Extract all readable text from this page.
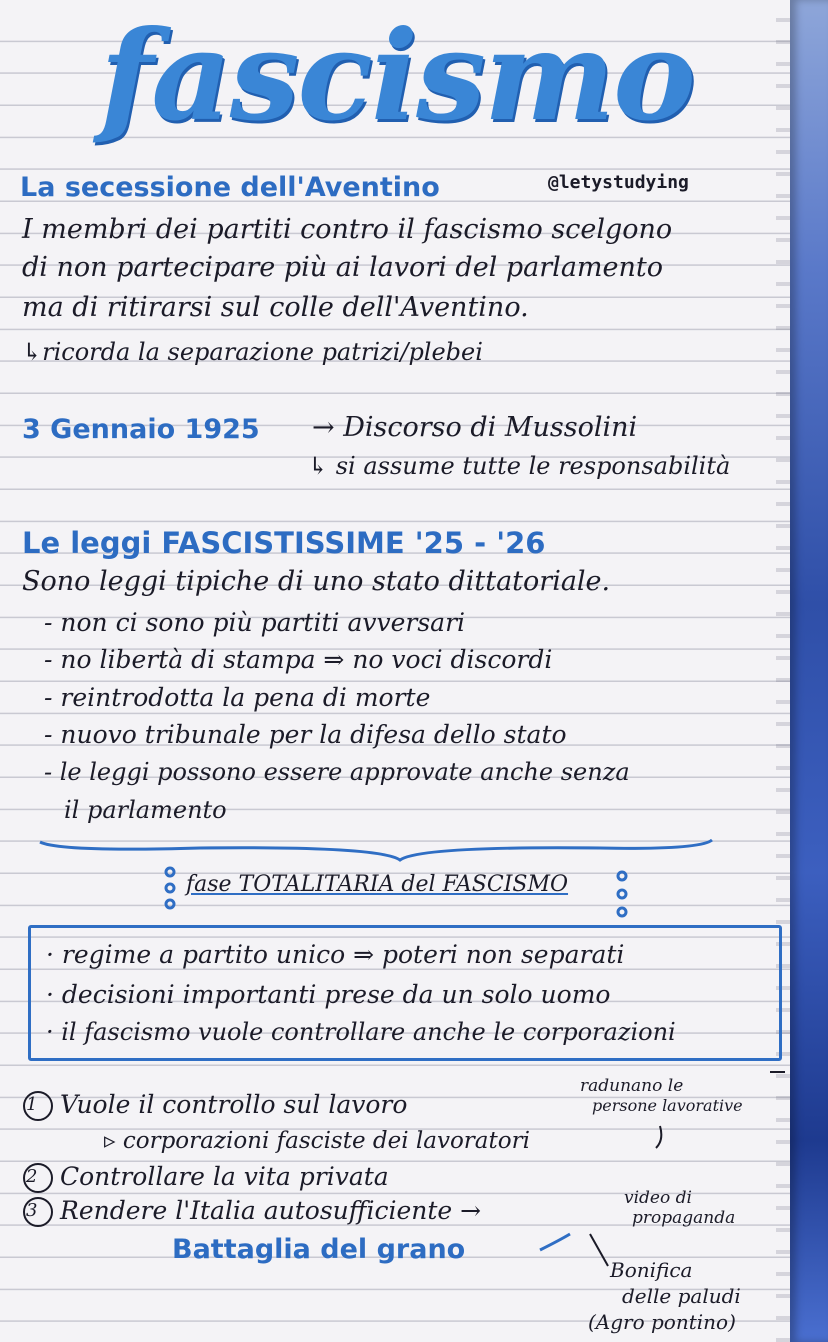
fascismo
La secessione dell'Aventino	@letystudying
I membri dei partiti contro il fascismo scelgono
di non partecipare più ai lavori del parlamento
ma di ritirarsi sul colle dell'Aventino.
↳ricorda la separazione patrizi/plebei
3 Gennaio 1925 → Discorso di Mussolini
↳ si assume tutte le responsabilità
Le leggi FASCISTISSIME '25 - '26
Sono leggi tipiche di uno stato dittatoriale.
- non ci sono più partiti avversari
- no libertà di stampa ⇒ no voci discordi
- reintrodotta la pena di morte
- nuovo tribunale per la difesa dello stato
- le leggi possono essere approvate anche senza
il parlamento
fase TOTALITARIA del FASCISMO
· regime a partito unico ⇒ poteri non separati
· decisioni importanti prese da un solo uomo
· il fascismo vuole controllare anche le corporazioni
Vuole il controllo sul lavoro
▹ corporazioni fasciste dei lavoratori
Controllare la vita privata
Rendere l'Italia autosufficiente →
1
2
3
radunano le
persone lavorative
video di
propaganda
Battaglia del grano
Bonifica
delle paludi
(Agro pontino)
